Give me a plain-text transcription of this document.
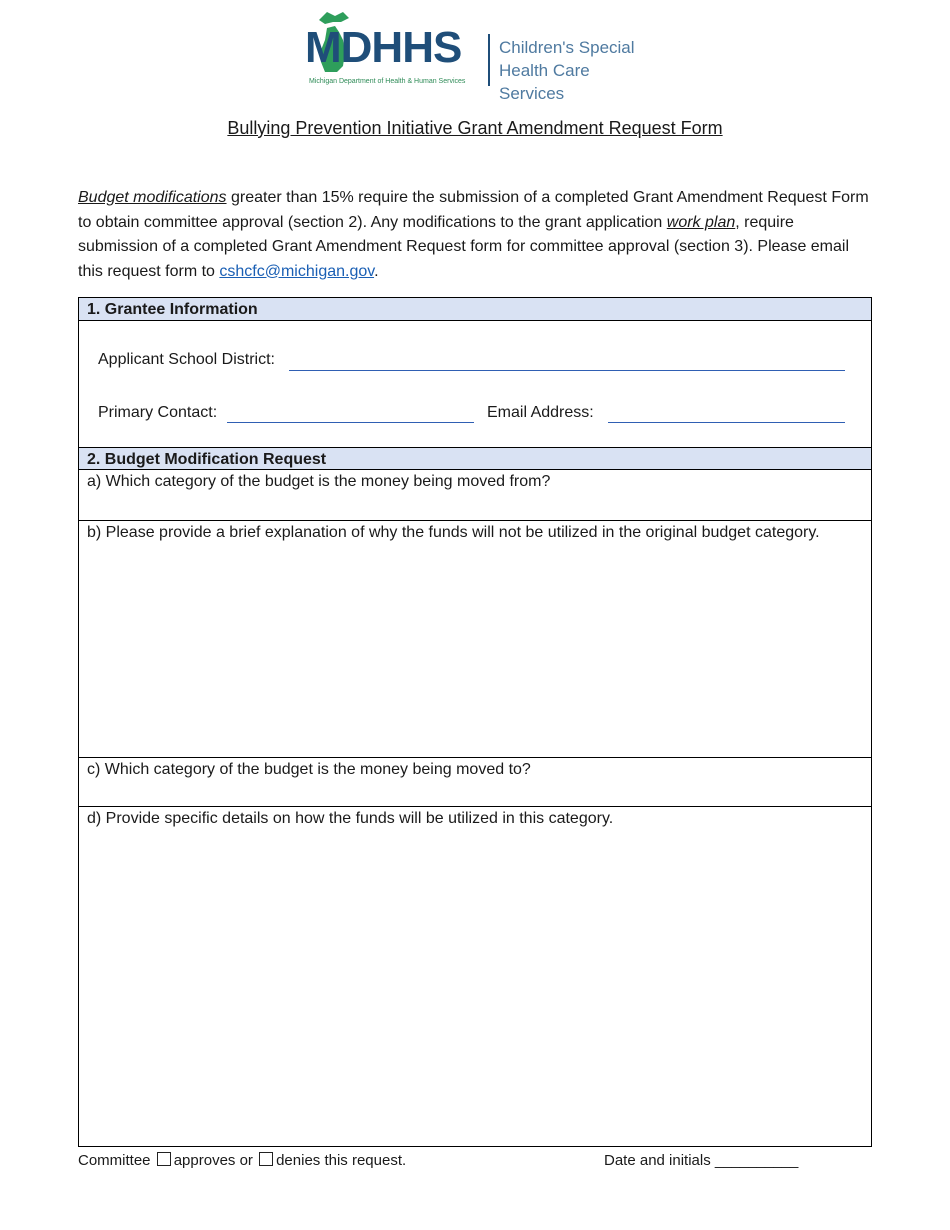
MDHHS
Michigan Department of Health & Human Services
Children's Special
Health Care Services
Bullying Prevention Initiative Grant Amendment Request Form
Budget modifications greater than 15% require the submission of a completed Grant Amendment Request Form to obtain committee approval (section 2). Any modifications to the grant application work plan, require submission of a completed Grant Amendment Request form for committee approval (section 3). Please email this request form to cshcfc@michigan.gov.
1. Grantee Information
Applicant School District:
Primary Contact:	Email Address:
2. Budget Modification Request
a) Which category of the budget is the money being moved from?
b) Please provide a brief explanation of why the funds will not be utilized in the original budget category.
c) Which category of the budget is the money being moved to?
d) Provide specific details on how the funds will be utilized in this category.
Committee approves or denies this request.	Date and initials __________
